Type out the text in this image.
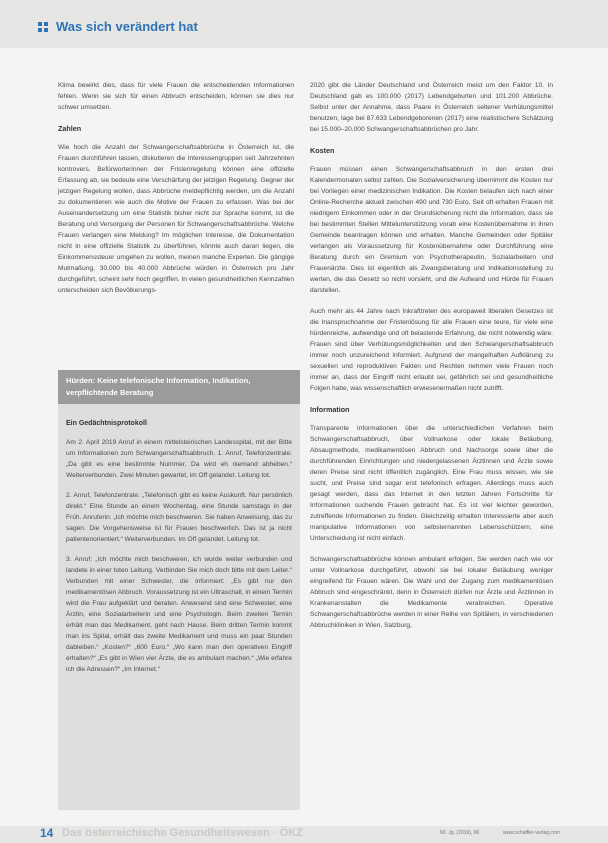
Was sich verändert hat

Klima bewirkt dies, dass für viele Frauen die entscheidenden Informationen fehlen. Wenn sie sich für einen Abbruch entscheiden, können sie dies nur schwer umsetzen.

Zahlen

Wie hoch die Anzahl der Schwangerschaftsabbrüche in Österreich ist, die Frauen durchführen lassen, diskutieren die Interessengruppen seit Jahrzehnten kontrovers. Befürworterinnen der Fristenregelung können eine offizielle Erfassung ab, sie bedeute eine Verschärfung der jetzigen Regelung. Gegner der jetzigen Regelung wollen, dass Abbrüche meldepflichtig werden, um die Anzahl zu dokumentieren wie auch die Motive der Frauen zu erfassen. Was bei der Auseinandersetzung um eine Statistik bisher nicht zur Sprache kommt, ist die Beratung und Versorgung der Personen für Schwangerschaftsabbrüche. Welche Frauen verlangen eine Meldung? Im möglichen Interesse, die Dokumentation nicht in eine offizielle Statistik zu überführen, könnte auch daran liegen, die Einkommenssteuer umgehen zu wollen, meinen manche Experten. Die gängige Mutmaßung, 30.000 bis 40.000 Abbrüche würden in Österreich pro Jahr durchgeführt, scheint sehr hoch gegriffen. In vielen gesundheitlichen Kennzahlen unterscheiden sich Bevölkerungs-

Hürden: Keine telefonische Information, Indikation, verpflichtende Beratung
Ein Gedächtnisprotokoll

Am 2. April 2019 Anruf in einem mittelsteirischen Landesspital, mit der Bitte um Informationen zum Schwangerschaftsabbruch. 1. Anruf, Telefonzentrale: „Da gibt es eine bestimmte Nummer. Da wird eh niemand abheben.“ Weiterverbunden. Zwei Minuten gewartet, im Off gelandet. Leitung tot.

2. Anruf, Telefonzentrale: „Telefonisch gibt es keine Auskunft. Nur persönlich direkt.“ Eine Stunde an einem Wochentag, eine Stunde samstags in der Früh. Anruferin: „Ich möchte mich beschweren. Sie haben Anweisung, das zu sagen. Die Vorgehensweise ist für Frauen beschwerlich. Das ist ja nicht patientenorientiert.“ Weiterverbunden. Im Off gelandet. Leitung tot.

3. Anruf: „Ich möchte mich beschweren, ich wurde weiter verbunden und landete in einer toten Leitung. Verbinden Sie mich doch bitte mit dem Leiter.“ Verbunden mit einer Schwester, die informiert: „Es gibt nur den medikamentösen Abbruch. Voraussetzung ist ein Ultraschall, in einem Termin wird die Frau aufgeklärt und beraten. Anwesend sind eine Schwester, eine Ärztin, eine Sozialarbeiterin und eine Psychologin. Beim zweiten Termin erhält man das Medikament, geht nach Hause. Beim dritten Termin kommt man ins Spital, erhält das zweite Medikament und muss ein paar Stunden dableiben.“ „Kosten?“ „600 Euro.“ „Wo kann man den operativen Eingriff erhalten?“ „Es gibt in Wien vier Ärzte, die es ambulant machen.“ „Wie erfahre ich die Adressen?“ „Im Internet.“

2020 gibt die Länder Deutschland und Österreich meist um den Faktor 10. In Deutschland gab es 100.000 (2017) Lebendgeburten und 101.200 Abbrüche. Selbst unter der Annahme, dass Paare in Österreich seltener Verhütungsmittel benutzen, lage bei 87.633 Lebendgeborenen (2017) eine realistischere Schätzung bei 15.000–20.000 Schwangerschaftsabbrüchen pro Jahr.

Kosten

Frauen müssen einen Schwangerschaftsabbruch in den ersten drei Kalendermonaten selbst zahlen. Die Sozialversicherung übernimmt die Kosten nur bei Vorliegen einer medizinischen Indikation. Die Kosten belaufen sich nach einer Online-Recherche aktuell zwischen 490 und 730 Euro. Seit oft erhalten Frauen mit niedrigem Einkommen oder in der Grundsicherung nicht die Information, dass sie bei bestimmten Stellen Mittelunterstützung vorab eine Kostenübernahme in ihren Gemeinde beantragen können und erhalten. Manche Gemeinden oder Spitäler verlangen als Voraussetzung für Kostenübernahme oder Durchführung eine Beratung durch ein Gremium von Psychotherapeutin, Sozialarbeitern und Frauenärzte. Dies ist eigentlich als Zwangsberatung und Indikationsstellung zu werten, die das Gesetz so nicht vorsieht, und die Aufwand und Hürde für Frauen darstellen.

Auch mehr als 44 Jahre nach Inkrafttreten des europaweit liberalen Gesetzes ist die Inanspruchnahme der Fristenlösung für alle Frauen eine teure, für viele eine hürdenreiche, aufwendige und oft belastende Erfahrung, die nicht notwendig wäre. Frauen sind über Verhütungsmöglichkeiten und den Schwangerschaftsabbruch immer noch unzureichend informiert. Aufgrund der mangelhaften Aufklärung zu sexuellen und reproduktiven Fakten und Rechten nehmen viele Frauen noch immer an, dass der Eingriff nicht erlaubt sei, gefährlich sei und gesundheitliche Folgen habe, was wissenschaftlich erwiesenermaßen nicht zutrifft.

Information

Transparente Informationen über die unterschiedlichen Verfahren beim Schwangerschaftsabbruch, über Vollnarkose oder lokale Betäubung, Absaugmethode, medikamentösen Abbruch und Nachsorge sowie über die durchführenden Einrichtungen und niedergelassenen Ärztinnen und Ärzte sowie deren Preise sind nicht öffentlich zugänglich. Eine Frau muss wissen, wie sie sucht, und Preise sind sogar erst telefonisch erfragen. Allerdings muss auch gesagt werden, dass das Internet in den letzten Jahren Fortschritte für Informationen suchende Frauen gebracht hat. Es ist viel leichter geworden, zutreffende Informationen zu finden. Gleichzeitig erhalten Interessierte aber auch manipulative Informationen von selbsternannten Lebensschützern, eine Unterscheidung ist nicht einfach.

Schwangerschaftsabbrüche können ambulant erfolgen. Sie werden nach wie vor unter Vollnarkose durchgeführt, obwohl sie bei lokaler Betäubung weniger eingreifend für Frauen wären. Die Wahl und der Zugang zum medikamentösen Abbruch sind eingeschränkt, denn in Österreich dürfen nur Ärzte und Ärztinnen in Krankenanstalten die Medikamente verabreichen. Operative Schwangerschaftsabbrüche werden in einer Reihe von Spitälern, in verschiedenen Abbruchkliniken in Wien, Salzburg,

14 Das österreichische Gesundheitswesen · ÖKZ	60. Jg. (2019), 06	www.schaffler-verlag.com
